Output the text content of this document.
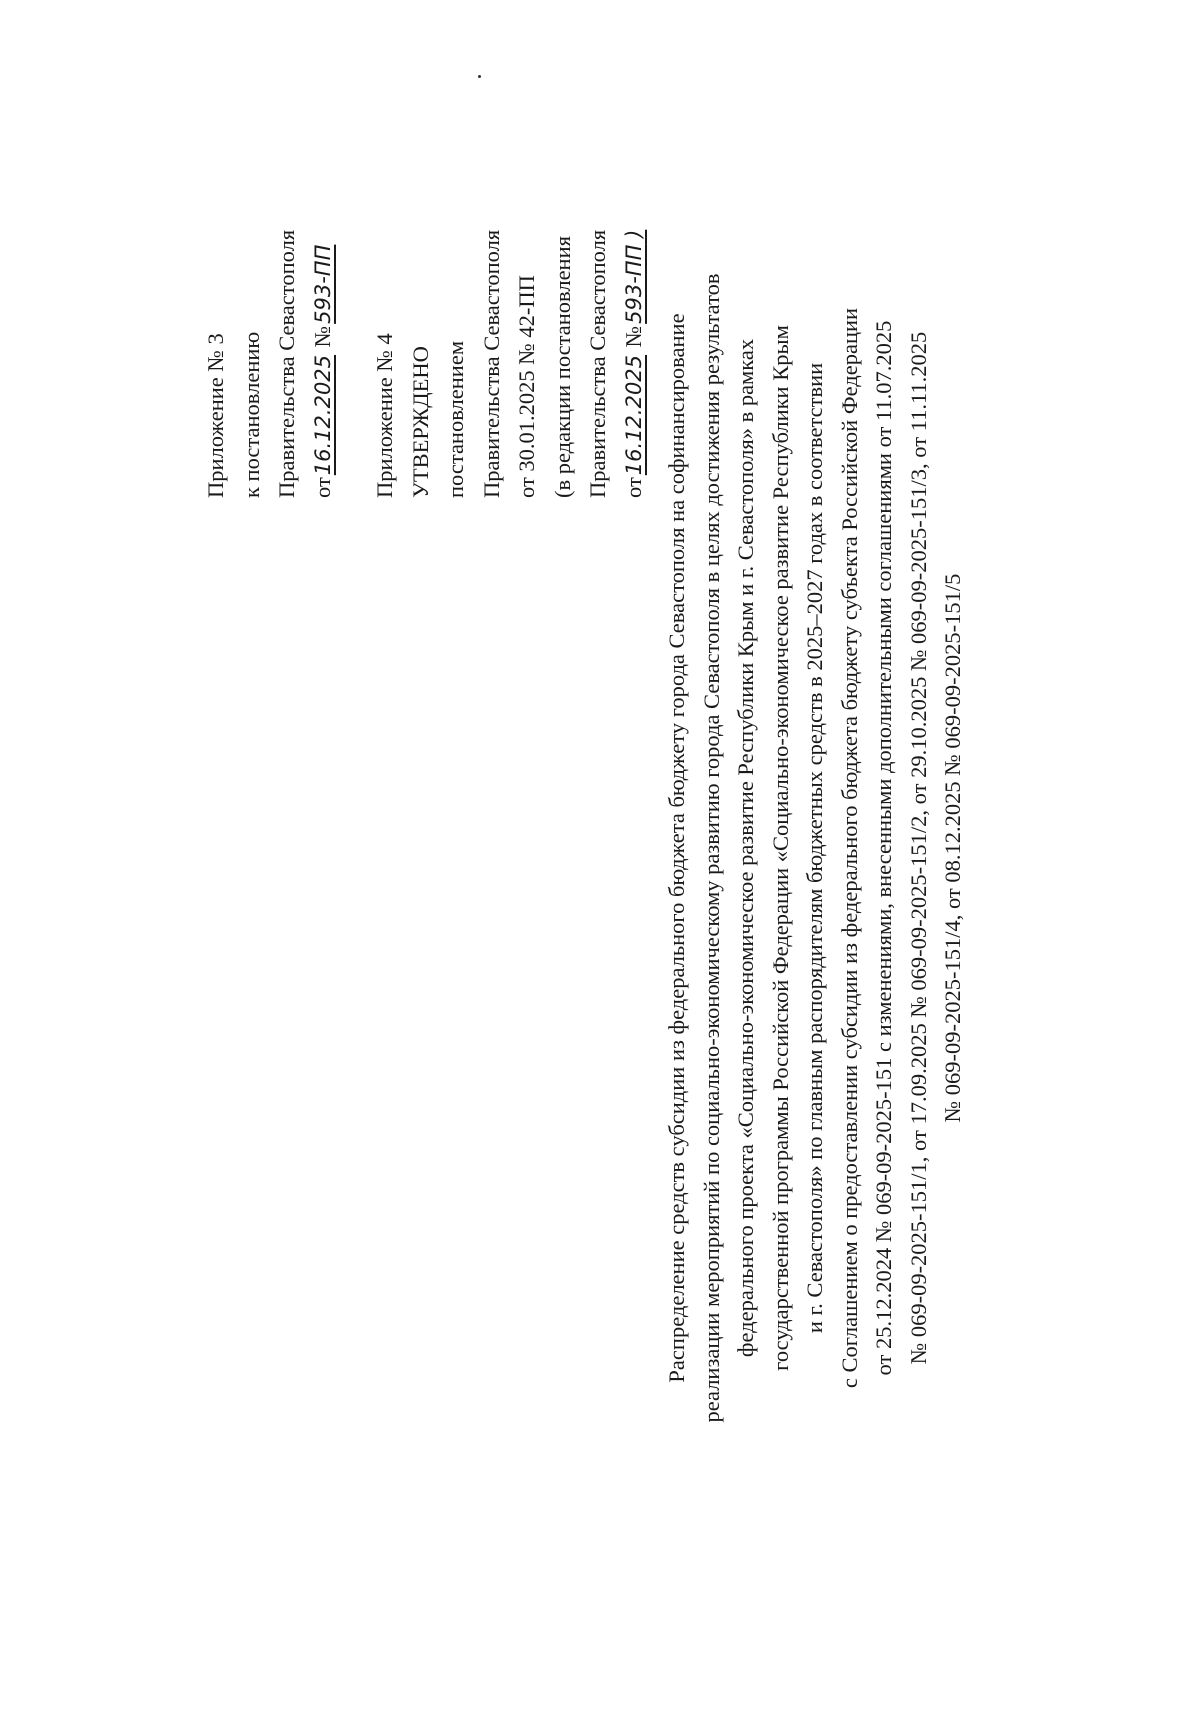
Приложение № 3 к постановлению Правительства Севастополя от16.12.2025 №593-ПП
Приложение № 4 УТВЕРЖДЕНО постановлением Правительства Севастополя от 30.01.2025 № 42-ПП (в редакции постановления Правительства Севастополя от16.12.2025 №593-ПП )
Распределение средств субсидии из федерального бюджета бюджету города Севастополя на софинансирование реализации мероприятий по социально-экономическому развитию города Севастополя в целях достижения результатов федерального проекта «Социально-экономическое развитие Республики Крым и г. Севастополя» в рамках государственной программы Российской Федерации «Социально-экономическое развитие Республики Крым и г. Севастополя» по главным распорядителям бюджетных средств в 2025–2027 годах в соответствии с Соглашением о предоставлении субсидии из федерального бюджета бюджету субъекта Российской Федерации от 25.12.2024 № 069-09-2025-151 с изменениями, внесенными дополнительными соглашениями от 11.07.2025 № 069-09-2025-151/1, от 17.09.2025 № 069-09-2025-151/2, от 29.10.2025 № 069-09-2025-151/3, от 11.11.2025 № 069-09-2025-151/4, от 08.12.2025 № 069-09-2025-151/5
